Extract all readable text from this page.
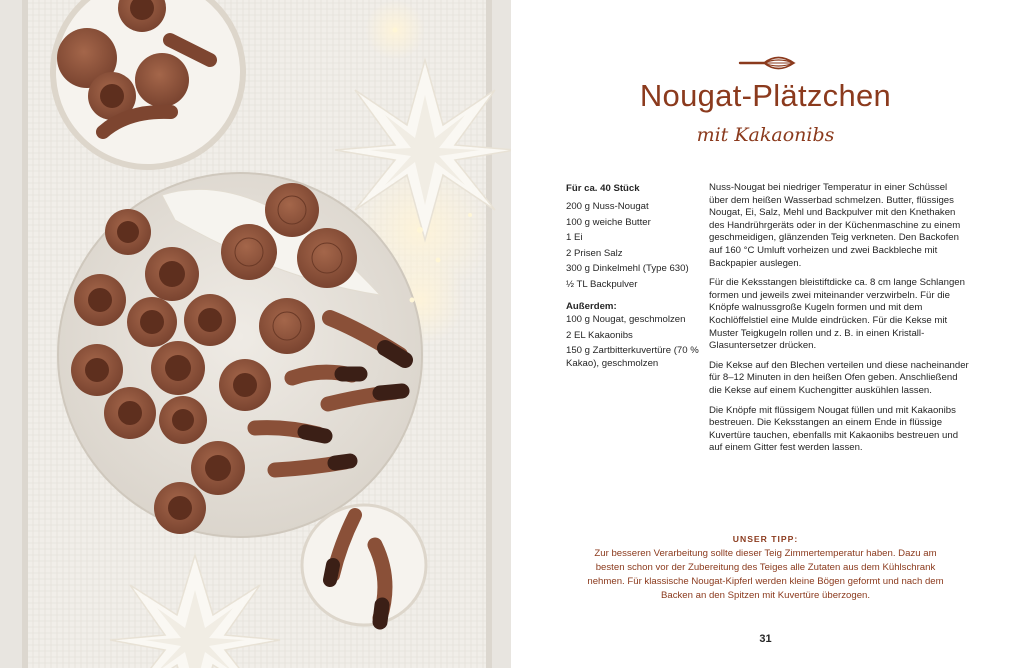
Nougat-Plätzchen
mit Kakaonibs
Für ca. 40 Stück
200 g Nuss-Nougat
100 g weiche Butter
1 Ei
2 Prisen Salz
300 g Dinkelmehl (Type 630)
½ TL Backpulver
Außerdem:
100 g Nougat, geschmolzen
2 EL Kakaonibs
150 g Zartbitterkuvertüre (70 % Kakao), geschmolzen

Nuss-Nougat bei niedriger Temperatur in einer Schüssel über dem heißen Wasserbad schmelzen. Butter, flüssiges Nougat, Ei, Salz, Mehl und Backpulver mit den Knethaken des Handrührgeräts oder in der Küchenmaschine zu einem geschmeidigen, glänzenden Teig verkneten. Den Backofen auf 160 °C Umluft vorheizen und zwei Backbleche mit Backpapier auslegen.

Für die Keksstangen bleistiftdicke ca. 8 cm lange Schlangen formen und jeweils zwei miteinander verzwirbeln. Für die Knöpfe walnussgroße Kugeln formen und mit dem Kochlöffelstiel eine Mulde eindrücken. Für die Kekse mit Muster Teigkugeln rollen und z. B. in einen Kristall-Glasuntersetzer drücken.

Die Kekse auf den Blechen verteilen und diese nacheinander für 8–12 Minuten in den heißen Ofen geben. Anschließend die Kekse auf einem Kuchengitter auskühlen lassen.

Die Knöpfe mit flüssigem Nougat füllen und mit Kakaonibs bestreuen. Die Keksstangen an einem Ende in flüssige Kuvertüre tauchen, ebenfalls mit Kakaonibs bestreuen und auf einem Gitter fest werden lassen.

UNSER TIPP:
Zur besseren Verarbeitung sollte dieser Teig Zimmertemperatur haben. Dazu am besten schon vor der Zubereitung des Teiges alle Zutaten aus dem Kühlschrank nehmen. Für klassische Nougat-Kipferl werden kleine Bögen geformt und nach dem Backen an den Spitzen mit Kuvertüre überzogen.
31
